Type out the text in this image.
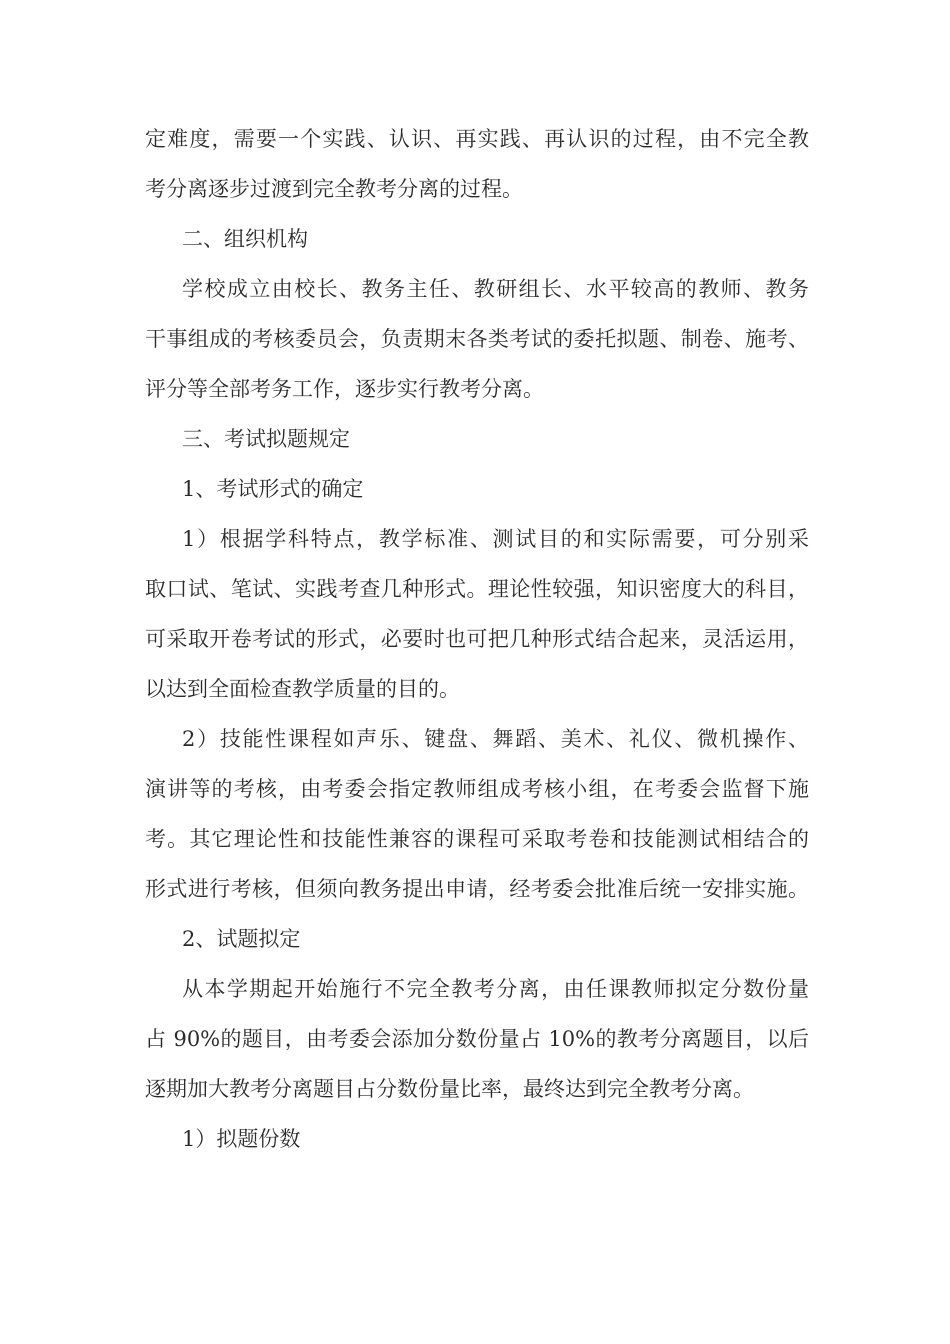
定难度，需要一个实践、认识、再实践、再认识的过程，由不完全教
考分离逐步过渡到完全教考分离的过程。
二、组织机构
学校成立由校长、教务主任、教研组长、水平较高的教师、教务
干事组成的考核委员会，负责期末各类考试的委托拟题、制卷、施考、
评分等全部考务工作，逐步实行教考分离。
三、考试拟题规定
1、考试形式的确定
1）根据学科特点，教学标准、测试目的和实际需要，可分别采
取口试、笔试、实践考查几种形式。理论性较强，知识密度大的科目，
可采取开卷考试的形式，必要时也可把几种形式结合起来，灵活运用，
以达到全面检查教学质量的目的。
2）技能性课程如声乐、键盘、舞蹈、美术、礼仪、微机操作、
演讲等的考核，由考委会指定教师组成考核小组，在考委会监督下施
考。其它理论性和技能性兼容的课程可采取考卷和技能测试相结合的
形式进行考核，但须向教务提出申请，经考委会批准后统一安排实施。
2、试题拟定
从本学期起开始施行不完全教考分离，由任课教师拟定分数份量
占 90%的题目，由考委会添加分数份量占 10%的教考分离题目，以后
逐期加大教考分离题目占分数份量比率，最终达到完全教考分离。
1）拟题份数
